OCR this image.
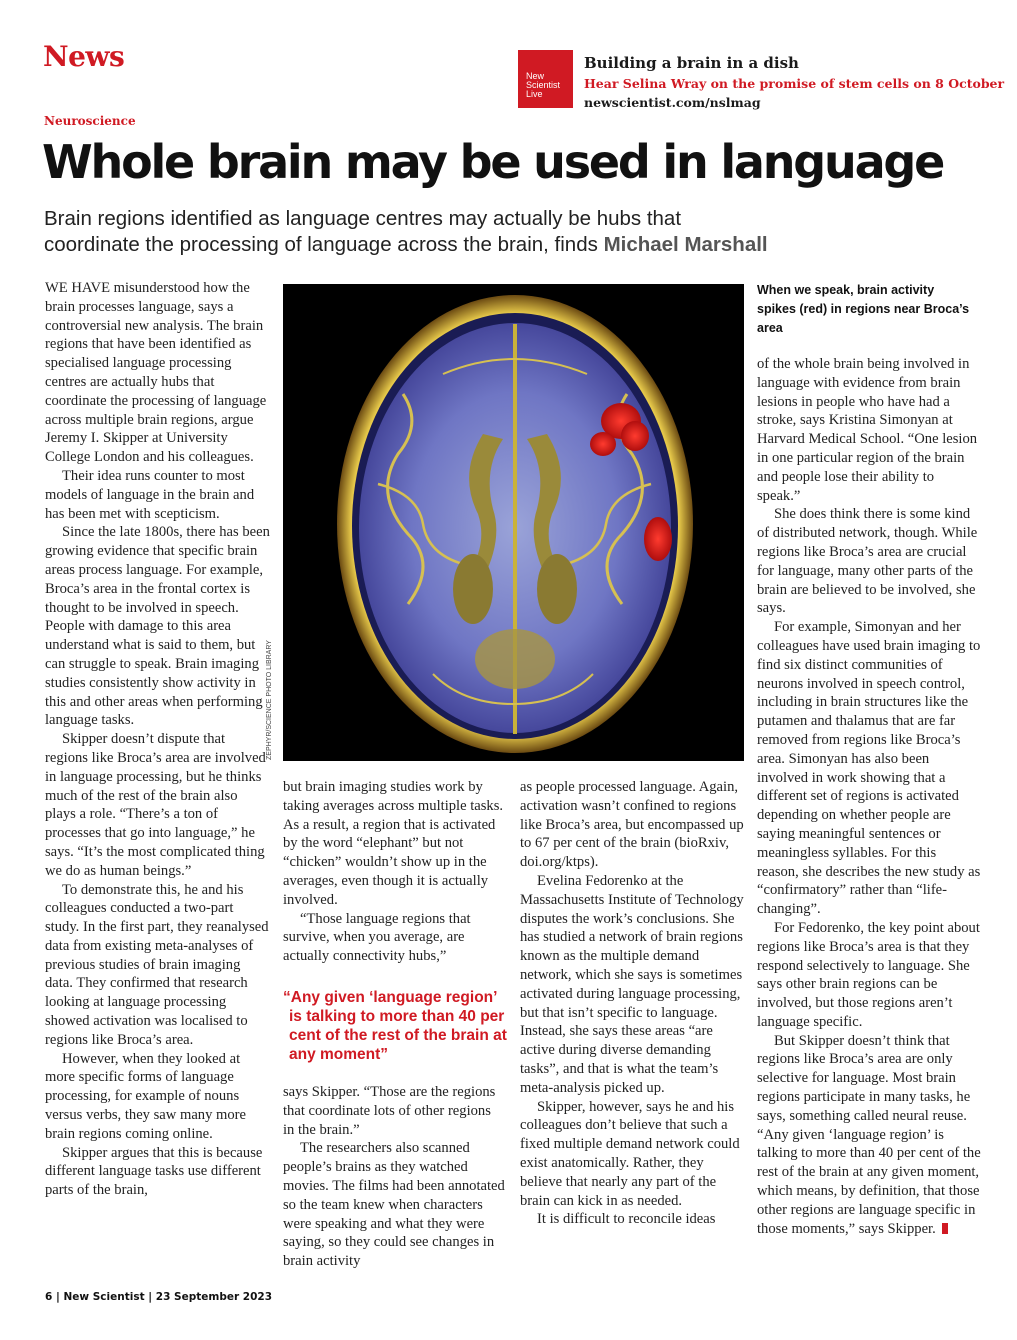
News
New
Scientist
Live
Building a brain in a dish
Hear Selina Wray on the promise of stem cells on 8 October
newscientist.com/nslmag
Neuroscience
Whole brain may be used in language
Brain regions identified as language centres may actually be hubs that coordinate the processing of language across the brain, finds Michael Marshall

WE HAVE misunderstood how the brain processes language, says a controversial new analysis. The brain regions that have been identified as specialised language processing centres are actually hubs that coordinate the processing of language across multiple brain regions, argue Jeremy I. Skipper at University College London and his colleagues.

Their idea runs counter to most models of language in the brain and has been met with scepticism.

Since the late 1800s, there has been growing evidence that specific brain areas process language. For example, Broca’s area in the frontal cortex is thought to be involved in speech. People with damage to this area understand what is said to them, but can struggle to speak. Brain imaging studies consistently show activity in this and other areas when performing language tasks.

Skipper doesn’t dispute that regions like Broca’s area are involved in language processing, but he thinks much of the rest of the brain also plays a role. “There’s a ton of processes that go into language,” he says. “It’s the most complicated thing we do as human beings.”

To demonstrate this, he and his colleagues conducted a two-part study. In the first part, they reanalysed data from existing meta-analyses of previous studies of brain imaging data. They confirmed that research looking at language processing showed activation was localised to regions like Broca’s area.

However, when they looked at more specific forms of language processing, for example of nouns versus verbs, they saw many more brain regions coming online.

Skipper argues that this is because different language tasks use different parts of the brain,

ZEPHYR/SCIENCE PHOTO LIBRARY
When we speak, brain activity spikes (red) in regions near Broca’s area

but brain imaging studies work by taking averages across multiple tasks. As a result, a region that is activated by the word “elephant” but not “chicken” wouldn’t show up in the averages, even though it is actually involved.

“Those language regions that survive, when you average, are actually connectivity hubs,”

“Any given ‘language region’ is talking to more than 40 per cent of the rest of the brain at any moment”

says Skipper. “Those are the regions that coordinate lots of other regions in the brain.”

The researchers also scanned people’s brains as they watched movies. The films had been annotated so the team knew when characters were speaking and what they were saying, so they could see changes in brain activity

as people processed language. Again, activation wasn’t confined to regions like Broca’s area, but encompassed up to 67 per cent of the brain (bioRxiv, doi.org/ktps).

Evelina Fedorenko at the Massachusetts Institute of Technology disputes the work’s conclusions. She has studied a network of brain regions known as the multiple demand network, which she says is sometimes activated during language processing, but that isn’t specific to language. Instead, she says these areas “are active during diverse demanding tasks”, and that is what the team’s meta-analysis picked up.

Skipper, however, says he and his colleagues don’t believe that such a fixed multiple demand network could exist anatomically. Rather, they believe that nearly any part of the brain can kick in as needed.

It is difficult to reconcile ideas

of the whole brain being involved in language with evidence from brain lesions in people who have had a stroke, says Kristina Simonyan at Harvard Medical School. “One lesion in one particular region of the brain and people lose their ability to speak.”

She does think there is some kind of distributed network, though. While regions like Broca’s area are crucial for language, many other parts of the brain are believed to be involved, she says.

For example, Simonyan and her colleagues have used brain imaging to find six distinct communities of neurons involved in speech control, including in brain structures like the putamen and thalamus that are far removed from regions like Broca’s area. Simonyan has also been involved in work showing that a different set of regions is activated depending on whether people are saying meaningful sentences or meaningless syllables. For this reason, she describes the new study as “confirmatory” rather than “life-changing”.

For Fedorenko, the key point about regions like Broca’s area is that they respond selectively to language. She says other brain regions can be involved, but those regions aren’t language specific.

But Skipper doesn’t think that regions like Broca’s area are only selective for language. Most brain regions participate in many tasks, he says, something called neural reuse. “Any given ‘language region’ is talking to more than 40 per cent of the rest of the brain at any given moment, which means, by definition, that those other regions are language specific in those moments,” says Skipper.

6 | New Scientist | 23 September 2023
